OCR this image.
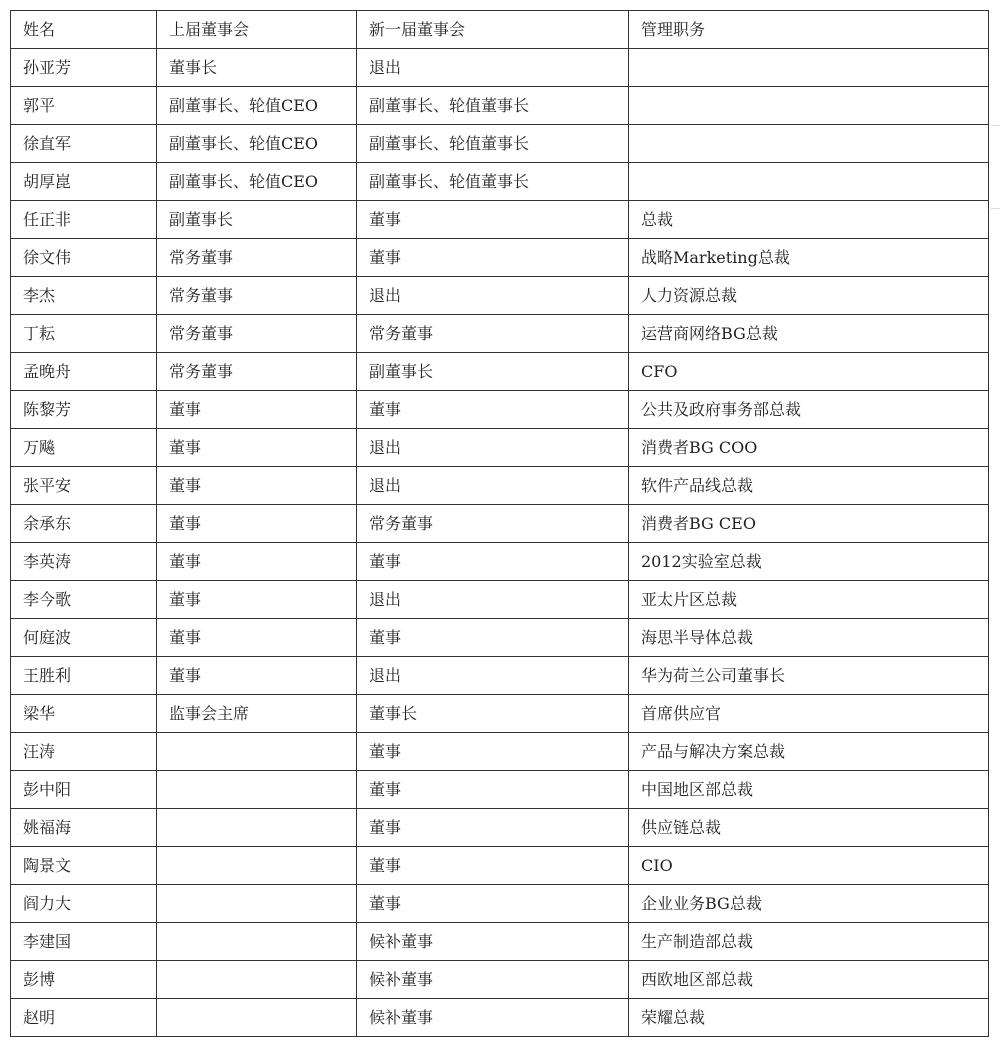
姓名	上届董事会	新一届董事会	管理职务
孙亚芳	董事长	退出	
郭平	副董事长、轮值CEO	副董事长、轮值董事长	
徐直军	副董事长、轮值CEO	副董事长、轮值董事长	
胡厚崑	副董事长、轮值CEO	副董事长、轮值董事长	
任正非	副董事长	董事	总裁
徐文伟	常务董事	董事	战略Marketing总裁
李杰	常务董事	退出	人力资源总裁
丁耘	常务董事	常务董事	运营商网络BG总裁
孟晚舟	常务董事	副董事长	CFO
陈黎芳	董事	董事	公共及政府事务部总裁
万飚	董事	退出	消费者BG COO
张平安	董事	退出	软件产品线总裁
余承东	董事	常务董事	消费者BG CEO
李英涛	董事	董事	2012实验室总裁
李今歌	董事	退出	亚太片区总裁
何庭波	董事	董事	海思半导体总裁
王胜利	董事	退出	华为荷兰公司董事长
梁华	监事会主席	董事长	首席供应官
汪涛		董事	产品与解决方案总裁
彭中阳		董事	中国地区部总裁
姚福海		董事	供应链总裁
陶景文		董事	CIO
阎力大		董事	企业业务BG总裁
李建国		候补董事	生产制造部总裁
彭博		候补董事	西欧地区部总裁
赵明		候补董事	荣耀总裁
